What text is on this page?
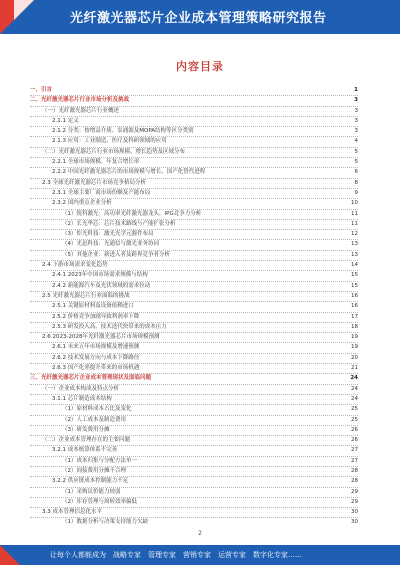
光纤激光器芯片企业成本管理策略研究报告
内容目录
一、引言	1
二、光纤激光器芯片行业市场分析及挑战	3
（一）光纤激光器芯片行业概述	3
2.1.1 定义	3
2.1.2 分类：按增益介质、泵浦源及MOPA结构等区分类别	3
2.1.3 应用：工业制造、医疗及科研领域的应用	4
（二）光纤激光器芯片行业市场规模、增长趋势及区域分布	5
2.2.1 全球市场规模、年复合增长率	5
2.2.2 中国光纤激光器芯片的市场规模与增长、国产化替代进程	6
2.3 全球光纤激光器芯片市场竞争格局分析	8
2.3.1 全球主要厂商市场份额及产能布局	9
2.3.2 国内重点企业分析	10
（1）锐科激光：高功率光纤激光器龙头，IPG竞争力分析	11
（2）长光华芯：芯片技术路线与产能扩张分析	11
（3）炬光科技：激光光学元器件布局	12
（4）光迅科技：光通信与激光业务协同	13
（5）其他企业：新进入者及跨界竞争者分析	13
2.4 下游市场需求变化趋势	14
2.4.1 2023年中国市场需求规模与结构	15
2.4.2 新能源汽车及光伏领域的需求拉动	15
2.5 光纤激光器芯片行业面临的挑战	16
2.5.1 关键原材料及设备依赖进口	16
2.5.2 价格竞争加剧导致利润率下降	17
2.5.3 研发投入高、技术迭代快带来的成本压力	18
2.6 2023-2028年光纤激光器芯片市场规模预测	19
2.6.1 未来五年市场规模及增速预测	19
2.6.2 技术发展方向与成本下降路径	20
2.6.3 国产化率提升带来的市场机遇	21
三、光纤激光器芯片企业成本管理现状及面临问题	24
（一）企业成本构成及特点分析	24
3.1.1 芯片制造成本结构	24
（1）原材料成本占比及变化	25
（2）人工成本及制造费用	25
（3）研发费用分摊	26
（二）企业成本管理存在的主要问题	26
3.2.1 成本核算体系不完善	27
（1）成本归集与分配方法单一	27
（2）间接费用分摊不合理	28
3.2.2 供应链成本控制能力不足	28
（1）采购议价能力较弱	29
（2）库存管理与周转效率偏低	29
3.3 成本管理信息化水平	30
（1）数据分析与决策支持能力欠缺	30
2
让每个人都能成为　战略专家　管理专家　营销专家　运营专家　数字化专家……
